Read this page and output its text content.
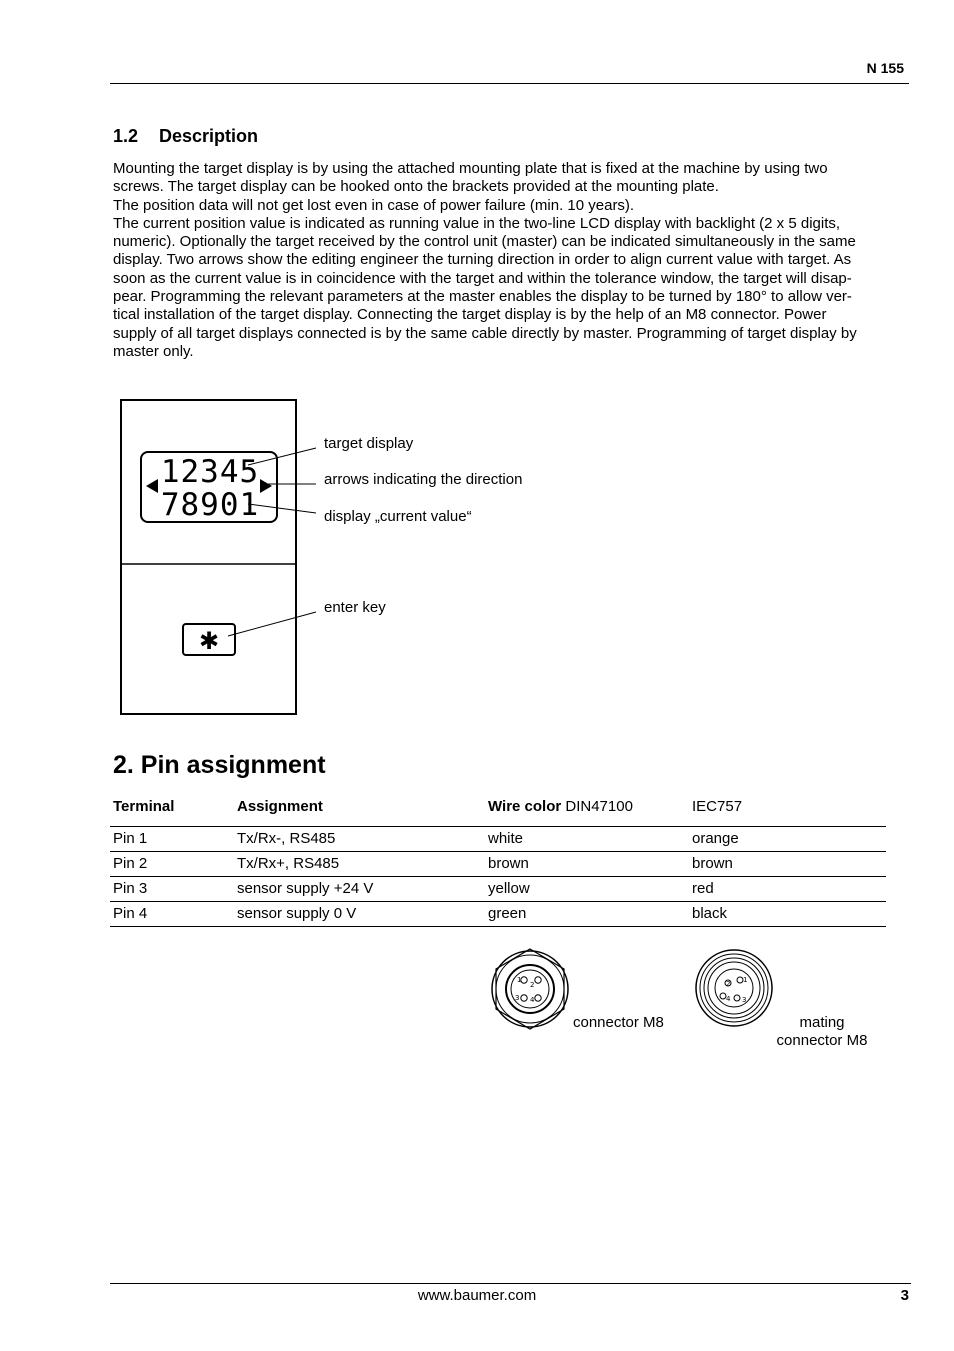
N 155
1.2 Description
Mounting the target display is by using the attached mounting plate that is fixed at the machine by using two
screws. The target display can be hooked onto the brackets provided at the mounting plate.
The position data will not get lost even in case of power failure (min. 10 years).
The current position value is indicated as running value in the two-line LCD display with backlight (2 x 5 digits,
numeric). Optionally the target received by the control unit (master) can be indicated simultaneously in the same
display. Two arrows show the editing engineer the turning direction in order to align current value with target. As
soon as the current value is in coincidence with the target and within the tolerance window, the target will disap-
pear. Programming the relevant parameters at the master enables the display to be turned by 180° to allow ver-
tical installation of the target display. Connecting the target display is by the help of an M8 connector. Power
supply of all target displays connected is by the same cable directly by master. Programming of target display by
master only.
12345
78901
✱
target display
arrows indicating the direction
display „current value“
enter key
2. Pin assignment
Terminal	Assignment	Wire color DIN47100	IEC757
Pin 1	Tx/Rx-, RS485	white	orange
Pin 2	Tx/Rx+, RS485	brown	brown
Pin 3	sensor supply +24 V	yellow	red
Pin 4	sensor supply 0 V	green	black
1
2
3 4
connector M8
2 1
4 3
mating
connector M8
www.baumer.com	3
